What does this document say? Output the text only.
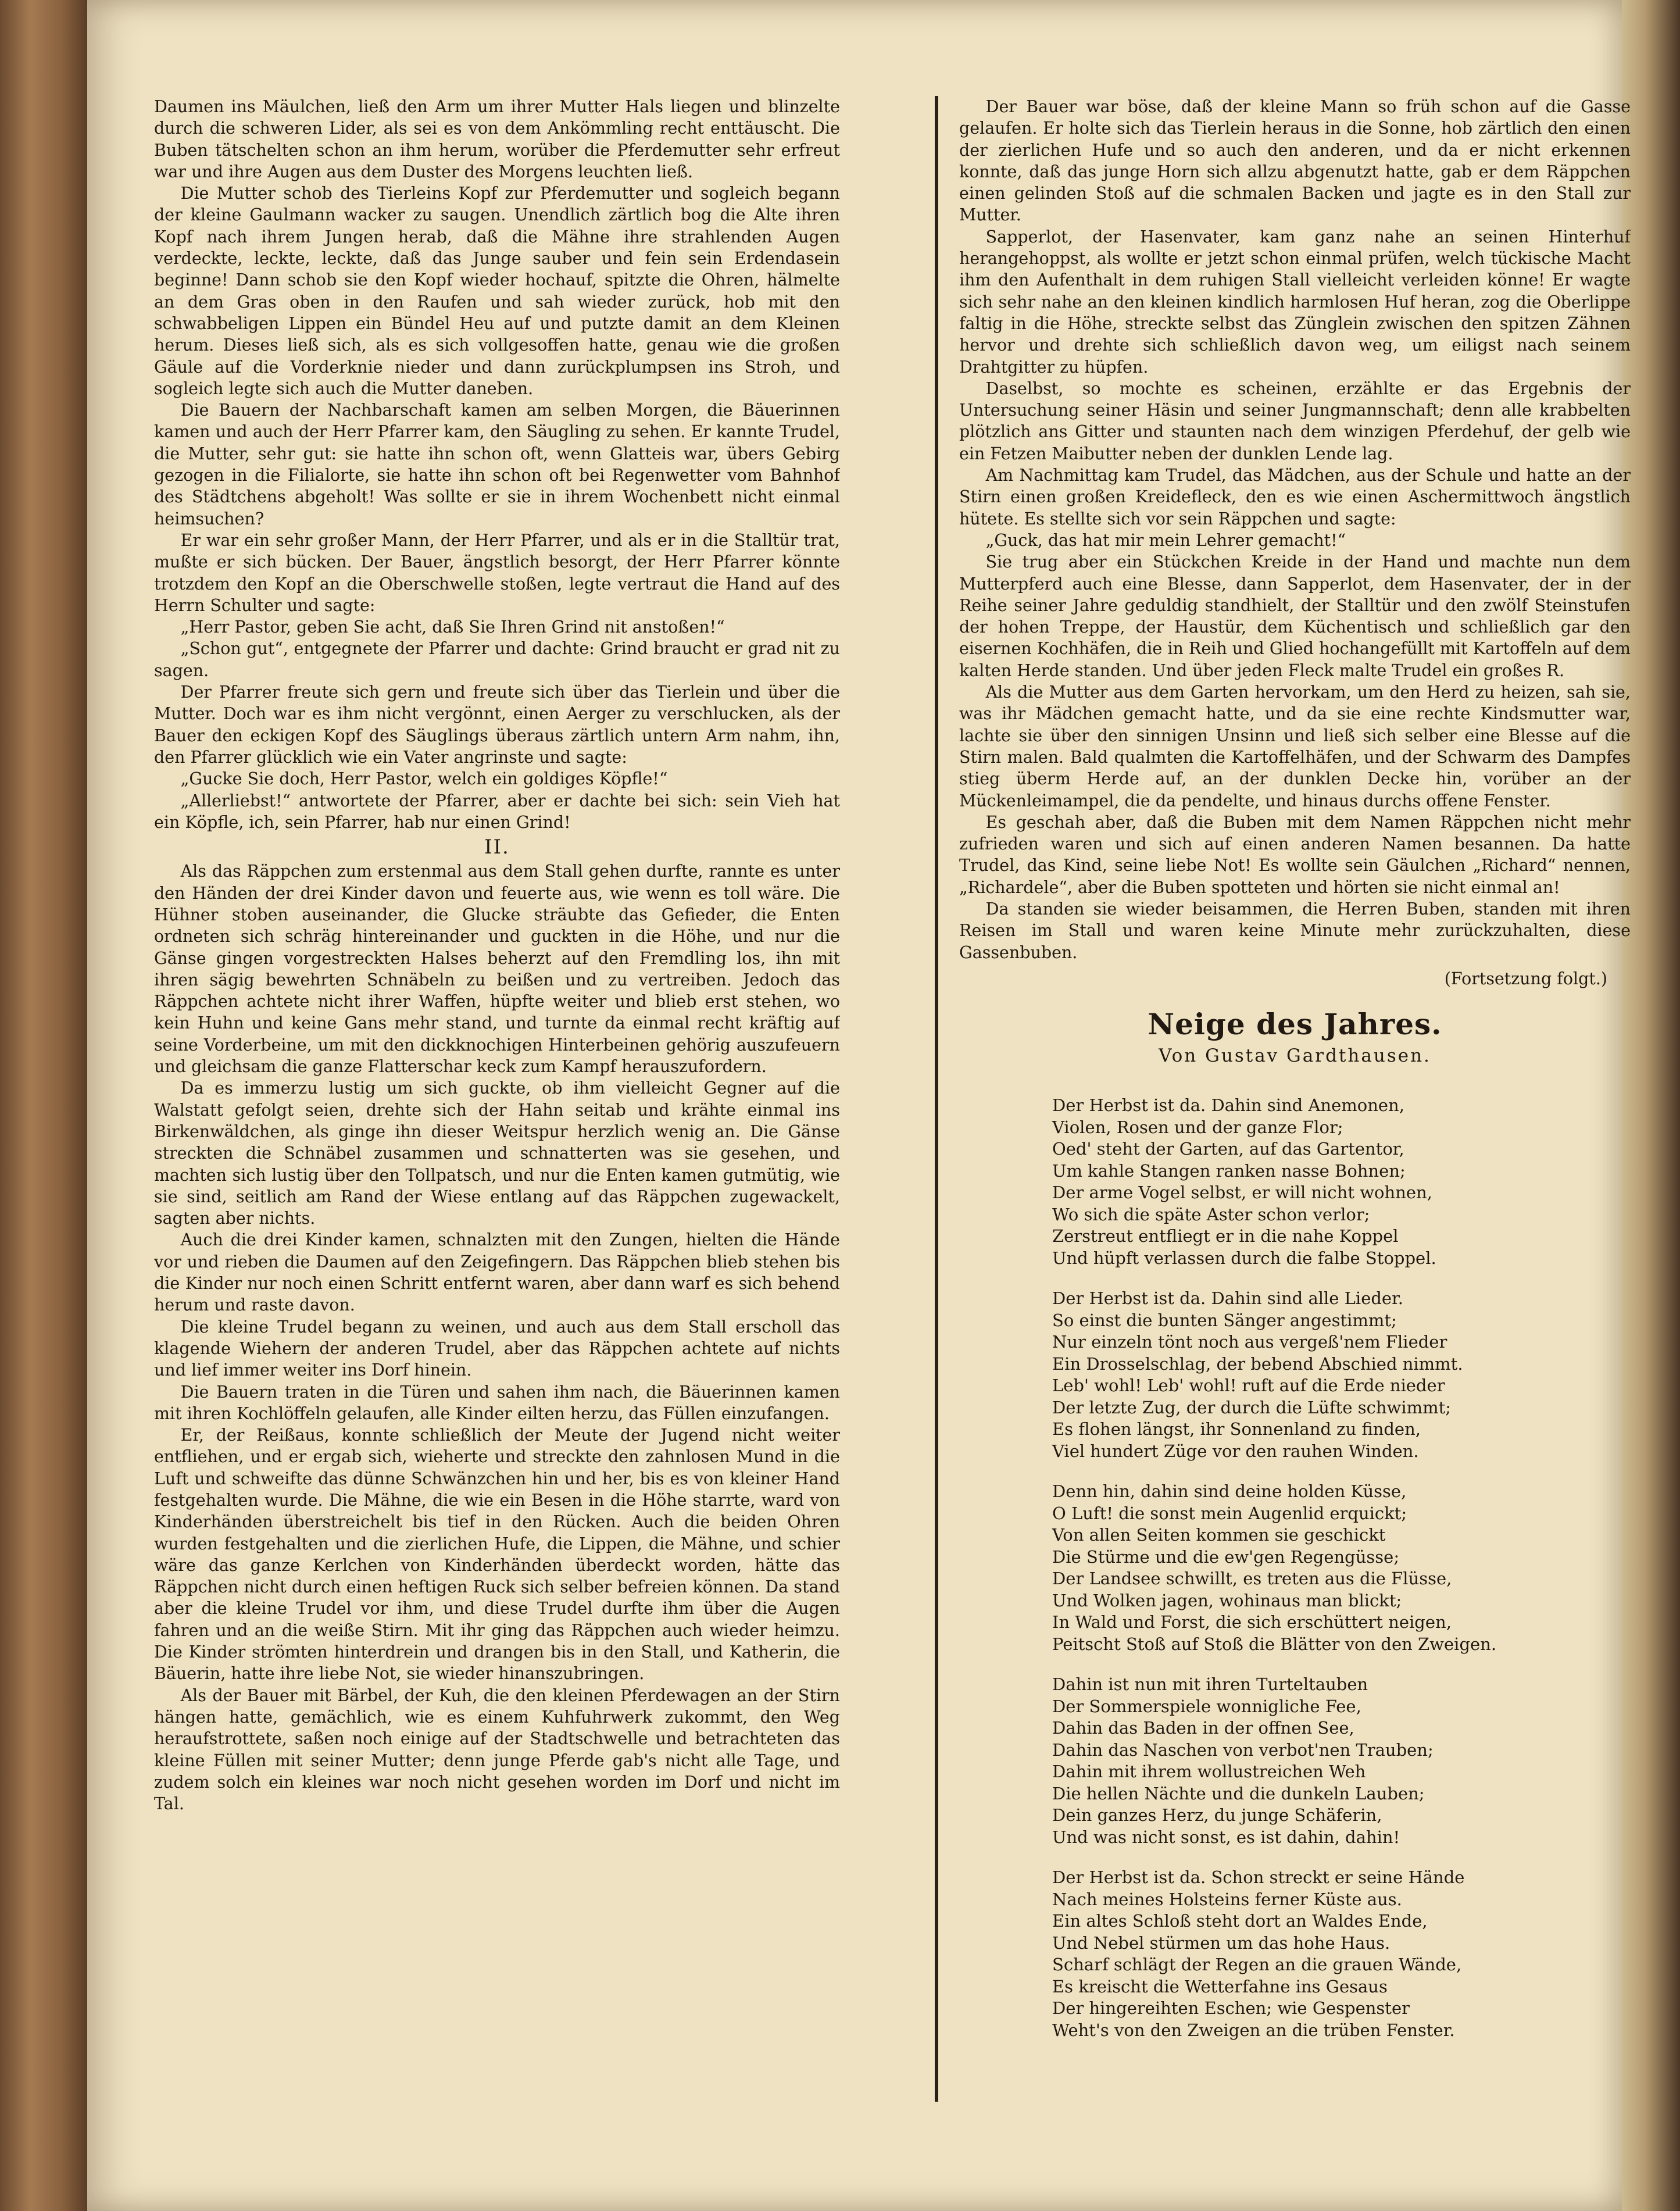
Daumen ins Mäulchen, ließ den Arm um ihrer Mutter Hals liegen und blinzelte durch die schweren Lider, als sei es von dem Ankömmling recht enttäuscht. Die Buben tätschelten schon an ihm herum, worüber die Pferdemutter sehr erfreut war und ihre Augen aus dem Duster des Morgens leuchten ließ.

Die Mutter schob des Tierleins Kopf zur Pferdemutter und sogleich begann der kleine Gaulmann wacker zu saugen. Unendlich zärtlich bog die Alte ihren Kopf nach ihrem Jungen herab, daß die Mähne ihre strahlenden Augen verdeckte, leckte, leckte, daß das Junge sauber und fein sein Erdendasein beginne! Dann schob sie den Kopf wieder hochauf, spitzte die Ohren, hälmelte an dem Gras oben in den Raufen und sah wieder zurück, hob mit den schwabbeligen Lippen ein Bündel Heu auf und putzte damit an dem Kleinen herum. Dieses ließ sich, als es sich vollgesoffen hatte, genau wie die großen Gäule auf die Vorderknie nieder und dann zurückplumpsen ins Stroh, und sogleich legte sich auch die Mutter daneben.

Die Bauern der Nachbarschaft kamen am selben Morgen, die Bäuerinnen kamen und auch der Herr Pfarrer kam, den Säugling zu sehen. Er kannte Trudel, die Mutter, sehr gut: sie hatte ihn schon oft, wenn Glatteis war, übers Gebirg gezogen in die Filialorte, sie hatte ihn schon oft bei Regenwetter vom Bahnhof des Städtchens abgeholt! Was sollte er sie in ihrem Wochenbett nicht einmal heimsuchen?

Er war ein sehr großer Mann, der Herr Pfarrer, und als er in die Stalltür trat, mußte er sich bücken. Der Bauer, ängstlich besorgt, der Herr Pfarrer könnte trotzdem den Kopf an die Oberschwelle stoßen, legte vertraut die Hand auf des Herrn Schulter und sagte:

„Herr Pastor, geben Sie acht, daß Sie Ihren Grind nit anstoßen!“

„Schon gut“, entgegnete der Pfarrer und dachte: Grind braucht er grad nit zu sagen.

Der Pfarrer freute sich gern und freute sich über das Tierlein und über die Mutter. Doch war es ihm nicht vergönnt, einen Aerger zu verschlucken, als der Bauer den eckigen Kopf des Säuglings überaus zärtlich untern Arm nahm, ihn, den Pfarrer glücklich wie ein Vater angrinste und sagte:

„Gucke Sie doch, Herr Pastor, welch ein goldiges Köpfle!“

„Allerliebst!“ antwortete der Pfarrer, aber er dachte bei sich: sein Vieh hat ein Köpfle, ich, sein Pfarrer, hab nur einen Grind!

II.

Als das Räppchen zum erstenmal aus dem Stall gehen durfte, rannte es unter den Händen der drei Kinder davon und feuerte aus, wie wenn es toll wäre. Die Hühner stoben auseinander, die Glucke sträubte das Gefieder, die Enten ordneten sich schräg hintereinander und guckten in die Höhe, und nur die Gänse gingen vorgestreckten Halses beherzt auf den Fremdling los, ihn mit ihren sägig bewehrten Schnäbeln zu beißen und zu vertreiben. Jedoch das Räppchen achtete nicht ihrer Waffen, hüpfte weiter und blieb erst stehen, wo kein Huhn und keine Gans mehr stand, und turnte da einmal recht kräftig auf seine Vorderbeine, um mit den dickknochigen Hinterbeinen gehörig auszufeuern und gleichsam die ganze Flatterschar keck zum Kampf herauszufordern.

Da es immerzu lustig um sich guckte, ob ihm vielleicht Gegner auf die Walstatt gefolgt seien, drehte sich der Hahn seitab und krähte einmal ins Birkenwäldchen, als ginge ihn dieser Weitspur herzlich wenig an. Die Gänse streckten die Schnäbel zusammen und schnatterten was sie gesehen, und machten sich lustig über den Tollpatsch, und nur die Enten kamen gutmütig, wie sie sind, seitlich am Rand der Wiese entlang auf das Räppchen zugewackelt, sagten aber nichts.

Auch die drei Kinder kamen, schnalzten mit den Zungen, hielten die Hände vor und rieben die Daumen auf den Zeigefingern. Das Räppchen blieb stehen bis die Kinder nur noch einen Schritt entfernt waren, aber dann warf es sich behend herum und raste davon.

Die kleine Trudel begann zu weinen, und auch aus dem Stall erscholl das klagende Wiehern der anderen Trudel, aber das Räppchen achtete auf nichts und lief immer weiter ins Dorf hinein.

Die Bauern traten in die Türen und sahen ihm nach, die Bäuerinnen kamen mit ihren Kochlöffeln gelaufen, alle Kinder eilten herzu, das Füllen einzufangen.

Er, der Reißaus, konnte schließlich der Meute der Jugend nicht weiter entfliehen, und er ergab sich, wieherte und streckte den zahnlosen Mund in die Luft und schweifte das dünne Schwänzchen hin und her, bis es von kleiner Hand festgehalten wurde. Die Mähne, die wie ein Besen in die Höhe starrte, ward von Kinderhänden überstreichelt bis tief in den Rücken. Auch die beiden Ohren wurden festgehalten und die zierlichen Hufe, die Lippen, die Mähne, und schier wäre das ganze Kerlchen von Kinderhänden überdeckt worden, hätte das Räppchen nicht durch einen heftigen Ruck sich selber befreien können. Da stand aber die kleine Trudel vor ihm, und diese Trudel durfte ihm über die Augen fahren und an die weiße Stirn. Mit ihr ging das Räppchen auch wieder heimzu. Die Kinder strömten hinterdrein und drangen bis in den Stall, und Katherin, die Bäuerin, hatte ihre liebe Not, sie wieder hinanszubringen.

Als der Bauer mit Bärbel, der Kuh, die den kleinen Pferdewagen an der Stirn hängen hatte, gemächlich, wie es einem Kuhfuhrwerk zukommt, den Weg heraufstrottete, saßen noch einige auf der Stadtschwelle und betrachteten das kleine Füllen mit seiner Mutter; denn junge Pferde gab's nicht alle Tage, und zudem solch ein kleines war noch nicht gesehen worden im Dorf und nicht im Tal.

Der Bauer war böse, daß der kleine Mann so früh schon auf die Gasse gelaufen. Er holte sich das Tierlein heraus in die Sonne, hob zärtlich den einen der zierlichen Hufe und so auch den anderen, und da er nicht erkennen konnte, daß das junge Horn sich allzu abgenutzt hatte, gab er dem Räppchen einen gelinden Stoß auf die schmalen Backen und jagte es in den Stall zur Mutter.

Sapperlot, der Hasenvater, kam ganz nahe an seinen Hinterhuf herangehoppst, als wollte er jetzt schon einmal prüfen, welch tückische Macht ihm den Aufenthalt in dem ruhigen Stall vielleicht verleiden könne! Er wagte sich sehr nahe an den kleinen kindlich harmlosen Huf heran, zog die Oberlippe faltig in die Höhe, streckte selbst das Zünglein zwischen den spitzen Zähnen hervor und drehte sich schließlich davon weg, um eiligst nach seinem Drahtgitter zu hüpfen.

Daselbst, so mochte es scheinen, erzählte er das Ergebnis der Untersuchung seiner Häsin und seiner Jungmannschaft; denn alle krabbelten plötzlich ans Gitter und staunten nach dem winzigen Pferdehuf, der gelb wie ein Fetzen Maibutter neben der dunklen Lende lag.

Am Nachmittag kam Trudel, das Mädchen, aus der Schule und hatte an der Stirn einen großen Kreidefleck, den es wie einen Aschermittwoch ängstlich hütete. Es stellte sich vor sein Räppchen und sagte:

„Guck, das hat mir mein Lehrer gemacht!“

Sie trug aber ein Stückchen Kreide in der Hand und machte nun dem Mutterpferd auch eine Blesse, dann Sapperlot, dem Hasenvater, der in der Reihe seiner Jahre geduldig standhielt, der Stalltür und den zwölf Steinstufen der hohen Treppe, der Haustür, dem Küchentisch und schließlich gar den eisernen Kochhäfen, die in Reih und Glied hochangefüllt mit Kartoffeln auf dem kalten Herde standen. Und über jeden Fleck malte Trudel ein großes R.

Als die Mutter aus dem Garten hervorkam, um den Herd zu heizen, sah sie, was ihr Mädchen gemacht hatte, und da sie eine rechte Kindsmutter war, lachte sie über den sinnigen Unsinn und ließ sich selber eine Blesse auf die Stirn malen. Bald qualmten die Kartoffelhäfen, und der Schwarm des Dampfes stieg überm Herde auf, an der dunklen Decke hin, vorüber an der Mückenleimampel, die da pendelte, und hinaus durchs offene Fenster.

Es geschah aber, daß die Buben mit dem Namen Räppchen nicht mehr zufrieden waren und sich auf einen anderen Namen besannen. Da hatte Trudel, das Kind, seine liebe Not! Es wollte sein Gäulchen „Richard“ nennen, „Richardele“, aber die Buben spotteten und hörten sie nicht einmal an!

Da standen sie wieder beisammen, die Herren Buben, standen mit ihren Reisen im Stall und waren keine Minute mehr zurückzuhalten, diese Gassenbuben.

(Fortsetzung folgt.)
Neige des Jahres.
Von Gustav Gardthausen.
Der Herbst ist da. Dahin sind Anemonen,
Violen, Rosen und der ganze Flor;
Oed' steht der Garten, auf das Gartentor,
Um kahle Stangen ranken nasse Bohnen;
Der arme Vogel selbst, er will nicht wohnen,
Wo sich die späte Aster schon verlor;
Zerstreut entfliegt er in die nahe Koppel
Und hüpft verlassen durch die falbe Stoppel.
Der Herbst ist da. Dahin sind alle Lieder.
So einst die bunten Sänger angestimmt;
Nur einzeln tönt noch aus vergeß'nem Flieder
Ein Drosselschlag, der bebend Abschied nimmt.
Leb' wohl! Leb' wohl! ruft auf die Erde nieder
Der letzte Zug, der durch die Lüfte schwimmt;
Es flohen längst, ihr Sonnenland zu finden,
Viel hundert Züge vor den rauhen Winden.
Denn hin, dahin sind deine holden Küsse,
O Luft! die sonst mein Augenlid erquickt;
Von allen Seiten kommen sie geschickt
Die Stürme und die ew'gen Regengüsse;
Der Landsee schwillt, es treten aus die Flüsse,
Und Wolken jagen, wohinaus man blickt;
In Wald und Forst, die sich erschüttert neigen,
Peitscht Stoß auf Stoß die Blätter von den Zweigen.
Dahin ist nun mit ihren Turteltauben
Der Sommerspiele wonnigliche Fee,
Dahin das Baden in der offnen See,
Dahin das Naschen von verbot'nen Trauben;
Dahin mit ihrem wollustreichen Weh
Die hellen Nächte und die dunkeln Lauben;
Dein ganzes Herz, du junge Schäferin,
Und was nicht sonst, es ist dahin, dahin!
Der Herbst ist da. Schon streckt er seine Hände
Nach meines Holsteins ferner Küste aus.
Ein altes Schloß steht dort an Waldes Ende,
Und Nebel stürmen um das hohe Haus.
Scharf schlägt der Regen an die grauen Wände,
Es kreischt die Wetterfahne ins Gesaus
Der hingereihten Eschen; wie Gespenster
Weht's von den Zweigen an die trüben Fenster.
